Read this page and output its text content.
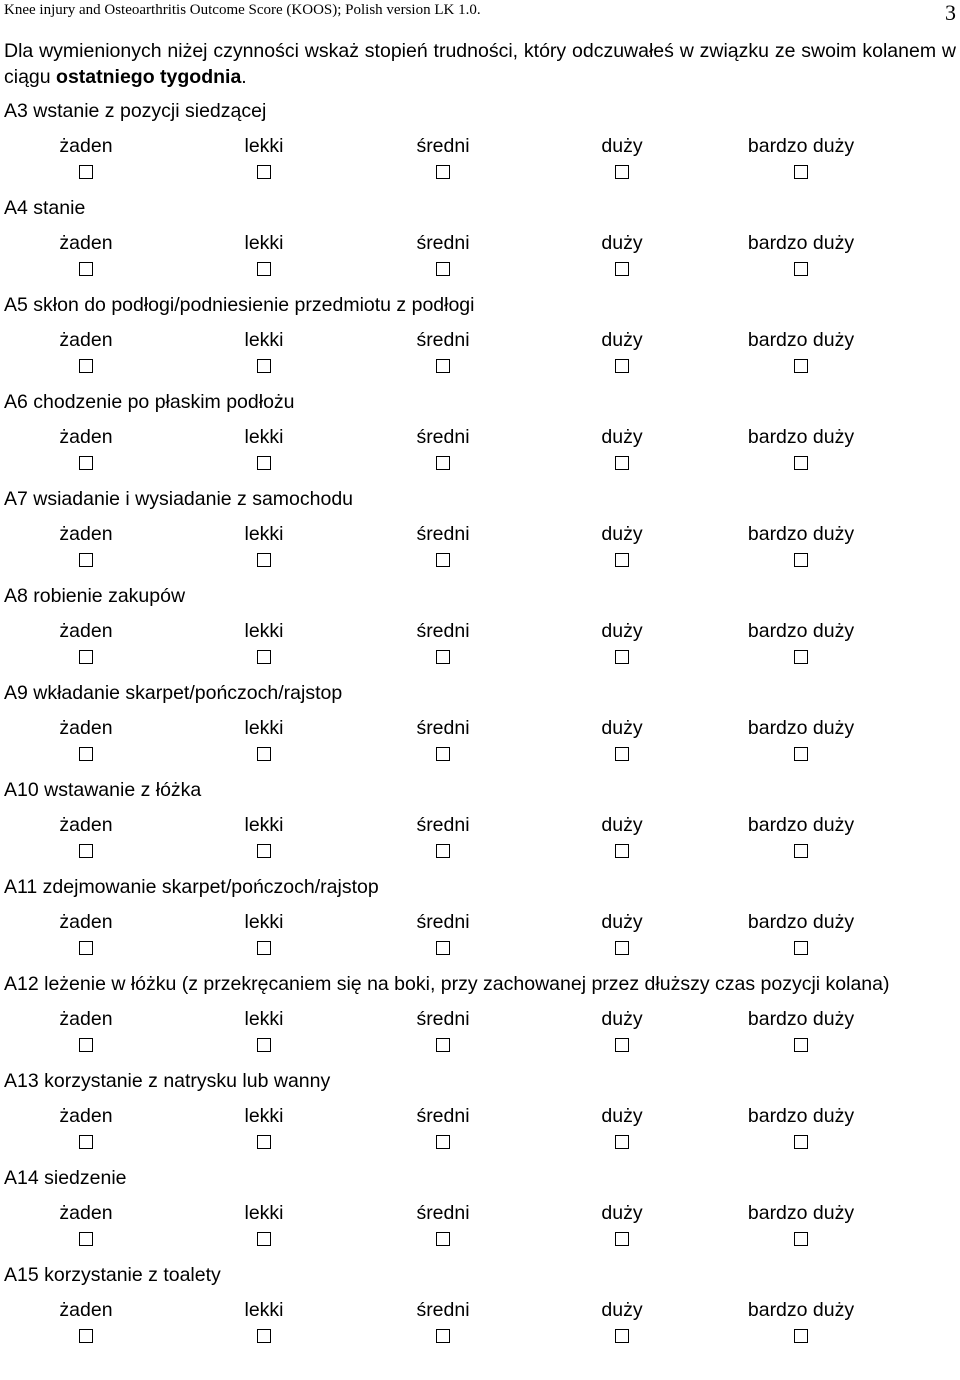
Knee injury and Osteoarthritis Outcome Score (KOOS); Polish version LK 1.0.	3
Dla wymienionych niżej czynności wskaż stopień trudności, który odczuwałeś w związku ze swoim kolanem w ciągu ostatniego tygodnia.
A3 wstanie z pozycji siedzącej
żaden	lekki	średni	duży	bardzo duży
A4 stanie
żaden	lekki	średni	duży	bardzo duży
A5 skłon do podłogi/podniesienie przedmiotu z podłogi
żaden	lekki	średni	duży	bardzo duży
A6 chodzenie po płaskim podłożu
żaden	lekki	średni	duży	bardzo duży
A7 wsiadanie i wysiadanie z samochodu
żaden	lekki	średni	duży	bardzo duży
A8 robienie zakupów
żaden	lekki	średni	duży	bardzo duży
A9 wkładanie skarpet/pończoch/rajstop
żaden	lekki	średni	duży	bardzo duży
A10 wstawanie z łóżka
żaden	lekki	średni	duży	bardzo duży
A11 zdejmowanie skarpet/pończoch/rajstop
żaden	lekki	średni	duży	bardzo duży
A12 leżenie w łóżku (z przekręcaniem się na boki, przy zachowanej przez dłuższy czas pozycji kolana)
żaden	lekki	średni	duży	bardzo duży
A13 korzystanie z natrysku lub wanny
żaden	lekki	średni	duży	bardzo duży
A14 siedzenie
żaden	lekki	średni	duży	bardzo duży
A15 korzystanie z toalety
żaden	lekki	średni	duży	bardzo duży
